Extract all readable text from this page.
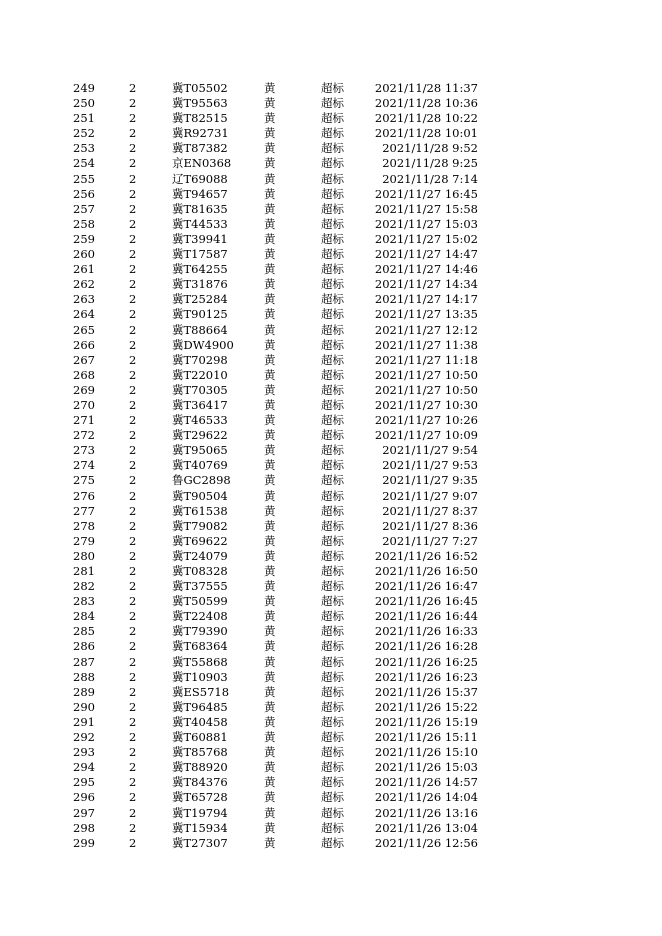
249	2	冀T05502	黄	超标	2021/11/28 11:37
250	2	冀T95563	黄	超标	2021/11/28 10:36
251	2	冀T82515	黄	超标	2021/11/28 10:22
252	2	冀R92731	黄	超标	2021/11/28 10:01
253	2	冀T87382	黄	超标	2021/11/28 9:52
254	2	京EN0368	黄	超标	2021/11/28 9:25
255	2	辽T69088	黄	超标	2021/11/28 7:14
256	2	冀T94657	黄	超标	2021/11/27 16:45
257	2	冀T81635	黄	超标	2021/11/27 15:58
258	2	冀T44533	黄	超标	2021/11/27 15:03
259	2	冀T39941	黄	超标	2021/11/27 15:02
260	2	冀T17587	黄	超标	2021/11/27 14:47
261	2	冀T64255	黄	超标	2021/11/27 14:46
262	2	冀T31876	黄	超标	2021/11/27 14:34
263	2	冀T25284	黄	超标	2021/11/27 14:17
264	2	冀T90125	黄	超标	2021/11/27 13:35
265	2	冀T88664	黄	超标	2021/11/27 12:12
266	2	冀DW4900	黄	超标	2021/11/27 11:38
267	2	冀T70298	黄	超标	2021/11/27 11:18
268	2	冀T22010	黄	超标	2021/11/27 10:50
269	2	冀T70305	黄	超标	2021/11/27 10:50
270	2	冀T36417	黄	超标	2021/11/27 10:30
271	2	冀T46533	黄	超标	2021/11/27 10:26
272	2	冀T29622	黄	超标	2021/11/27 10:09
273	2	冀T95065	黄	超标	2021/11/27 9:54
274	2	冀T40769	黄	超标	2021/11/27 9:53
275	2	鲁GC2898	黄	超标	2021/11/27 9:35
276	2	冀T90504	黄	超标	2021/11/27 9:07
277	2	冀T61538	黄	超标	2021/11/27 8:37
278	2	冀T79082	黄	超标	2021/11/27 8:36
279	2	冀T69622	黄	超标	2021/11/27 7:27
280	2	冀T24079	黄	超标	2021/11/26 16:52
281	2	冀T08328	黄	超标	2021/11/26 16:50
282	2	冀T37555	黄	超标	2021/11/26 16:47
283	2	冀T50599	黄	超标	2021/11/26 16:45
284	2	冀T22408	黄	超标	2021/11/26 16:44
285	2	冀T79390	黄	超标	2021/11/26 16:33
286	2	冀T68364	黄	超标	2021/11/26 16:28
287	2	冀T55868	黄	超标	2021/11/26 16:25
288	2	冀T10903	黄	超标	2021/11/26 16:23
289	2	冀ES5718	黄	超标	2021/11/26 15:37
290	2	冀T96485	黄	超标	2021/11/26 15:22
291	2	冀T40458	黄	超标	2021/11/26 15:19
292	2	冀T60881	黄	超标	2021/11/26 15:11
293	2	冀T85768	黄	超标	2021/11/26 15:10
294	2	冀T88920	黄	超标	2021/11/26 15:03
295	2	冀T84376	黄	超标	2021/11/26 14:57
296	2	冀T65728	黄	超标	2021/11/26 14:04
297	2	冀T19794	黄	超标	2021/11/26 13:16
298	2	冀T15934	黄	超标	2021/11/26 13:04
299	2	冀T27307	黄	超标	2021/11/26 12:56
